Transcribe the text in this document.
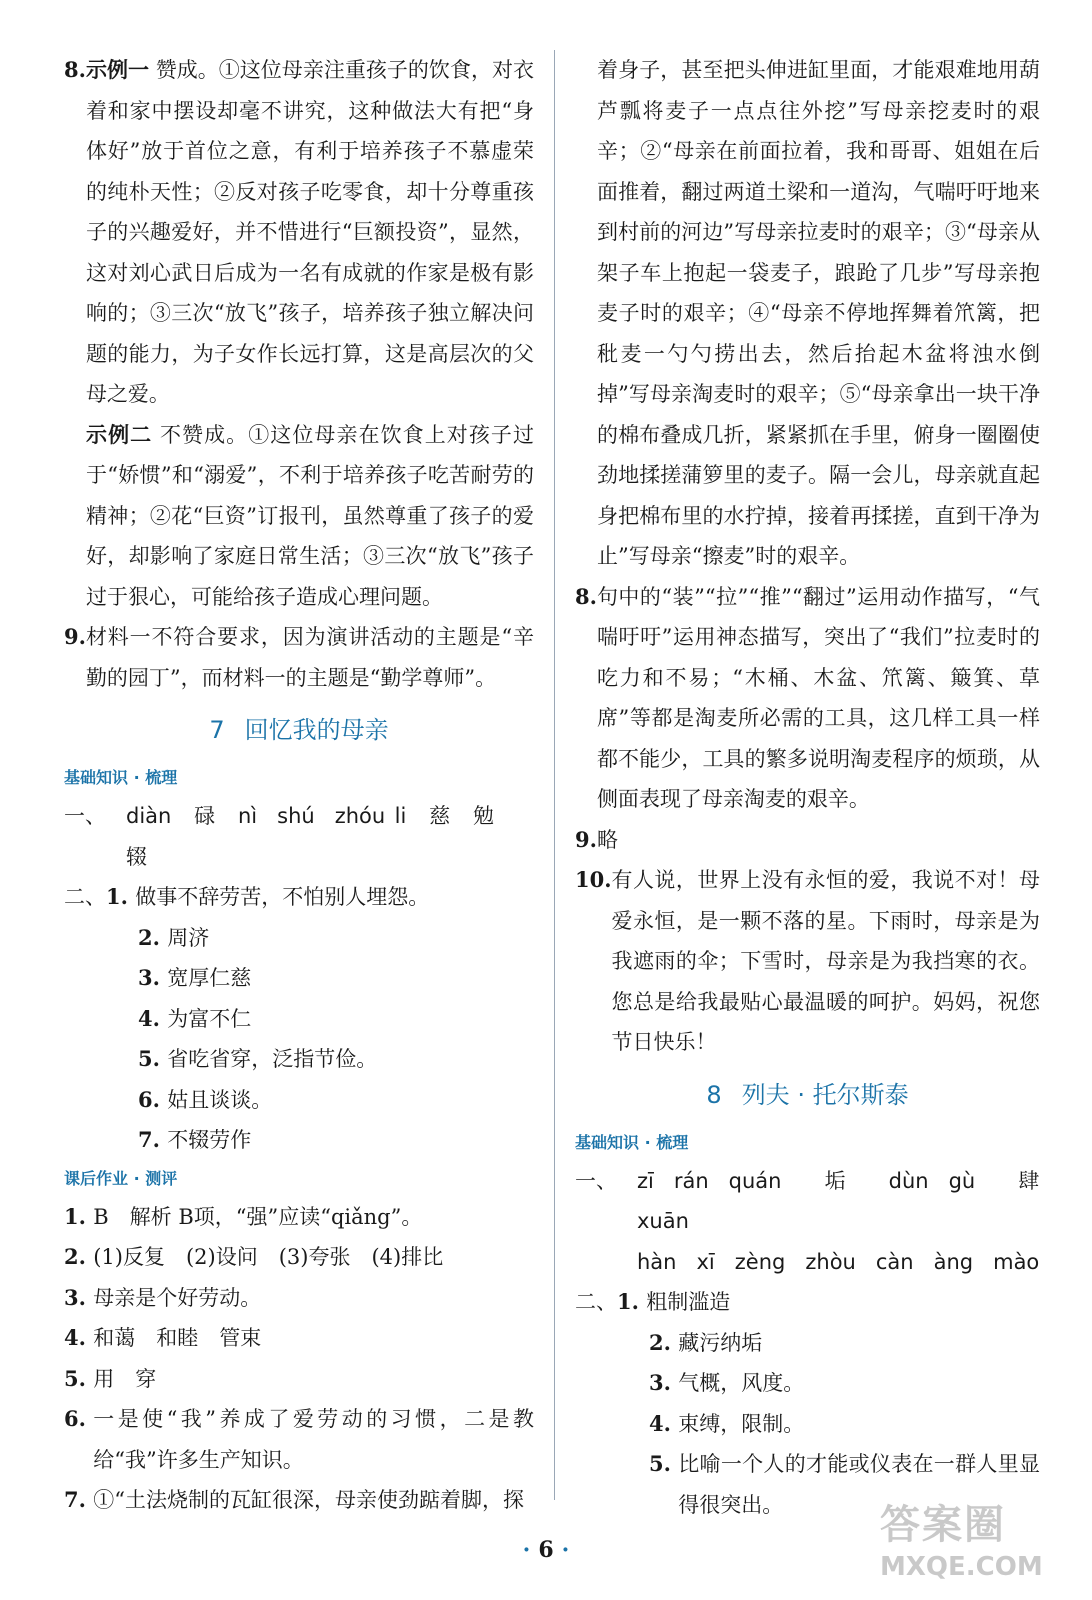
8. 示例一 赞成。①这位母亲注重孩子的饮食，对衣着和家中摆设却毫不讲究，这种做法大有把“身体好”放于首位之意，有利于培养孩子不慕虚荣的纯朴天性；②反对孩子吃零食，却十分尊重孩子的兴趣爱好，并不惜进行“巨额投资”，显然，这对刘心武日后成为一名有成就的作家是极有影响的；③三次“放飞”孩子，培养孩子独立解决问题的能力，为子女作长远打算，这是高层次的父母之爱。
示例二 不赞成。①这位母亲在饮食上对孩子过于“娇惯”和“溺爱”，不利于培养孩子吃苦耐劳的精神；②花“巨资”订报刊，虽然尊重了孩子的爱好，却影响了家庭日常生活；③三次“放飞”孩子过于狠心，可能给孩子造成心理问题。
9. 材料一不符合要求，因为演讲活动的主题是“辛勤的园丁”，而材料一的主题是“勤学尊师”。
7 回忆我的母亲
基础知识 · 梳理
一、 diàn 碌 nì shú zhóu li 慈 勉辍
二、 1. 做事不辞劳苦，不怕别人埋怨。
2. 周济
3. 宽厚仁慈
4. 为富不仁
5. 省吃省穿，泛指节俭。
6. 姑且谈谈。
7. 不辍劳作
课后作业 · 测评
1. B　解析 B项，“强”应读“qiǎng”。
2. (1)反复　(2)设问　(3)夸张　(4)排比
3. 母亲是个好劳动。
4. 和蔼　和睦　管束
5. 用　穿
6. 一是使“我”养成了爱劳动的习惯，二是教给“我”许多生产知识。
7. ①“土法烧制的瓦缸很深，母亲使劲踮着脚，探
着身子，甚至把头伸进缸里面，才能艰难地用葫芦瓢将麦子一点点往外挖”写母亲挖麦时的艰辛；②“母亲在前面拉着，我和哥哥、姐姐在后面推着，翻过两道土梁和一道沟，气喘吁吁地来到村前的河边”写母亲拉麦时的艰辛；③“母亲从架子车上抱起一袋麦子，踉跄了几步”写母亲抱麦子时的艰辛；④“母亲不停地挥舞着笊篱，把秕麦一勺勺捞出去，然后抬起木盆将浊水倒掉”写母亲淘麦时的艰辛；⑤“母亲拿出一块干净的棉布叠成几折，紧紧抓在手里，俯身一圈圈使劲地揉搓蒲箩里的麦子。隔一会儿，母亲就直起身把棉布里的水拧掉，接着再揉搓，直到干净为止”写母亲“擦麦”时的艰辛。
8. 句中的“装”“拉”“推”“翻过”运用动作描写，“气喘吁吁”运用神态描写，突出了“我们”拉麦时的吃力和不易；“木桶、木盆、笊篱、簸箕、草席”等都是淘麦所必需的工具，这几样工具一样都不能少，工具的繁多说明淘麦程序的烦琐，从侧面表现了母亲淘麦的艰辛。
9. 略
10. 有人说，世界上没有永恒的爱，我说不对！母爱永恒，是一颗不落的星。下雨时，母亲是为我遮雨的伞；下雪时，母亲是为我挡寒的衣。您总是给我最贴心最温暖的呵护。妈妈，祝您节日快乐！
8 列夫 · 托尔斯泰
基础知识 · 梳理
一、 zī rán quán 垢 dùn gù 肆xuān
hàn xī zèng zhòu càn àng mào
二、 1. 粗制滥造
2. 藏污纳垢
3. 气概，风度。
4. 束缚，限制。
5. 比喻一个人的才能或仪表在一群人里显得很突出。
· 6 ·
答案圈
MXQE.COM
